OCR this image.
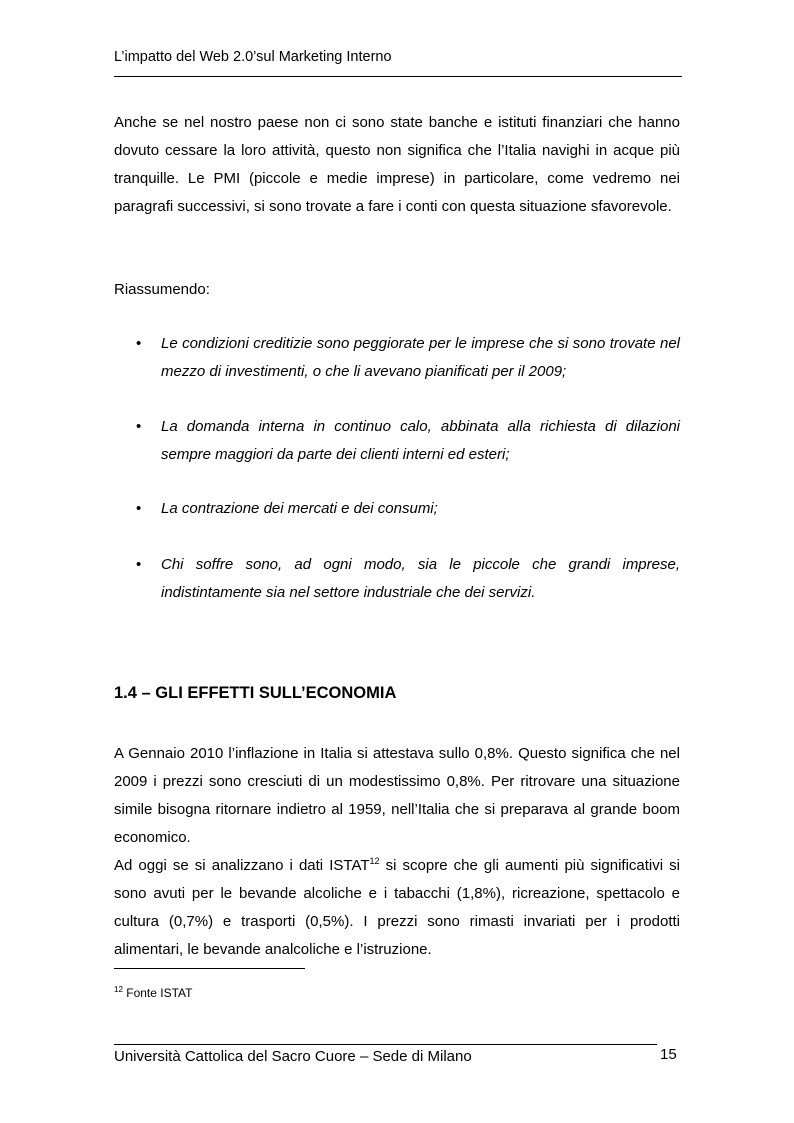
L’impatto del Web 2.0’sul Marketing Interno

Anche se nel nostro paese non ci sono state banche e istituti finanziari che hanno dovuto cessare la loro attività, questo non significa che l’Italia navighi in acque più tranquille. Le PMI (piccole e medie imprese) in particolare, come vedremo nei paragrafi successivi, si sono trovate a fare i conti con questa situazione sfavorevole.

Riassumendo:

• Le condizioni creditizie sono peggiorate per le imprese che si sono trovate nel mezzo di investimenti, o che li avevano pianificati per il 2009;
• La domanda interna in continuo calo, abbinata alla richiesta di dilazioni sempre maggiori da parte dei clienti interni ed esteri;
• La contrazione dei mercati e dei consumi;
• Chi soffre sono, ad ogni modo, sia le piccole che grandi imprese, indistintamente sia nel settore industriale che dei servizi.
1.4 – GLI EFFETTI SULL’ECONOMIA

A Gennaio 2010 l’inflazione in Italia si attestava sullo 0,8%. Questo significa che nel 2009 i prezzi sono cresciuti di un modestissimo 0,8%. Per ritrovare una situazione simile bisogna ritornare indietro al 1959, nell’Italia che si preparava al grande boom economico.

Ad oggi se si analizzano i dati ISTAT$^{12}$ si scopre che gli aumenti più significativi si sono avuti per le bevande alcoliche e i tabacchi (1,8%), ricreazione, spettacolo e cultura (0,7%) e trasporti (0,5%). I prezzi sono rimasti invariati per i prodotti alimentari, le bevande analcoliche e l’istruzione.

$^{12}$ Fonte ISTAT
Università Cattolica del Sacro Cuore – Sede di Milano	15
